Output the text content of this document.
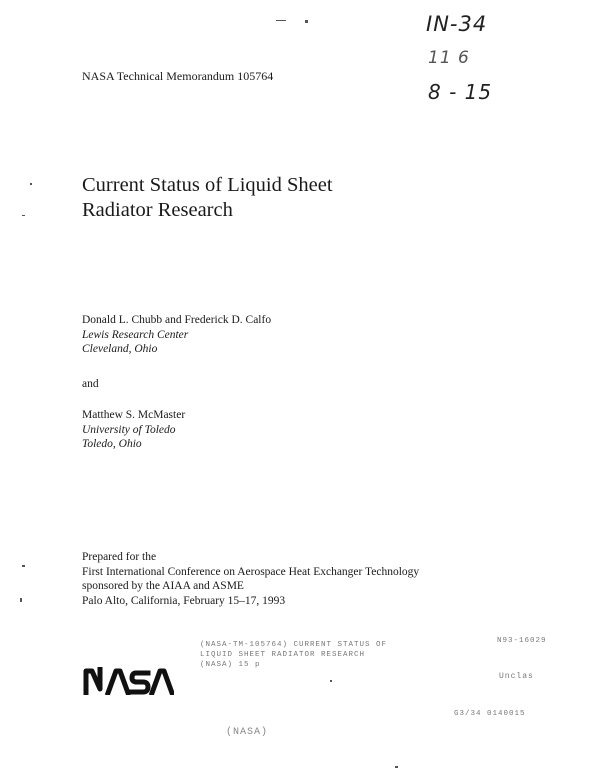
IN-34
11 6
8 - 15
NASA Technical Memorandum 105764
Current Status of Liquid Sheet
Radiator Research
Donald L. Chubb and Frederick D. Calfo
Lewis Research Center
Cleveland, Ohio
and
Matthew S. McMaster
University of Toledo
Toledo, Ohio
Prepared for the
First International Conference on Aerospace Heat Exchanger Technology
sponsored by the AIAA and ASME
Palo Alto, California, February 15–17, 1993
(NASA-TM-105764) CURRENT STATUS OF
LIQUID SHEET RADIATOR RESEARCH
(NASA) 15 p
N93-16029
Unclas
G3/34 0140015
(NASA)
